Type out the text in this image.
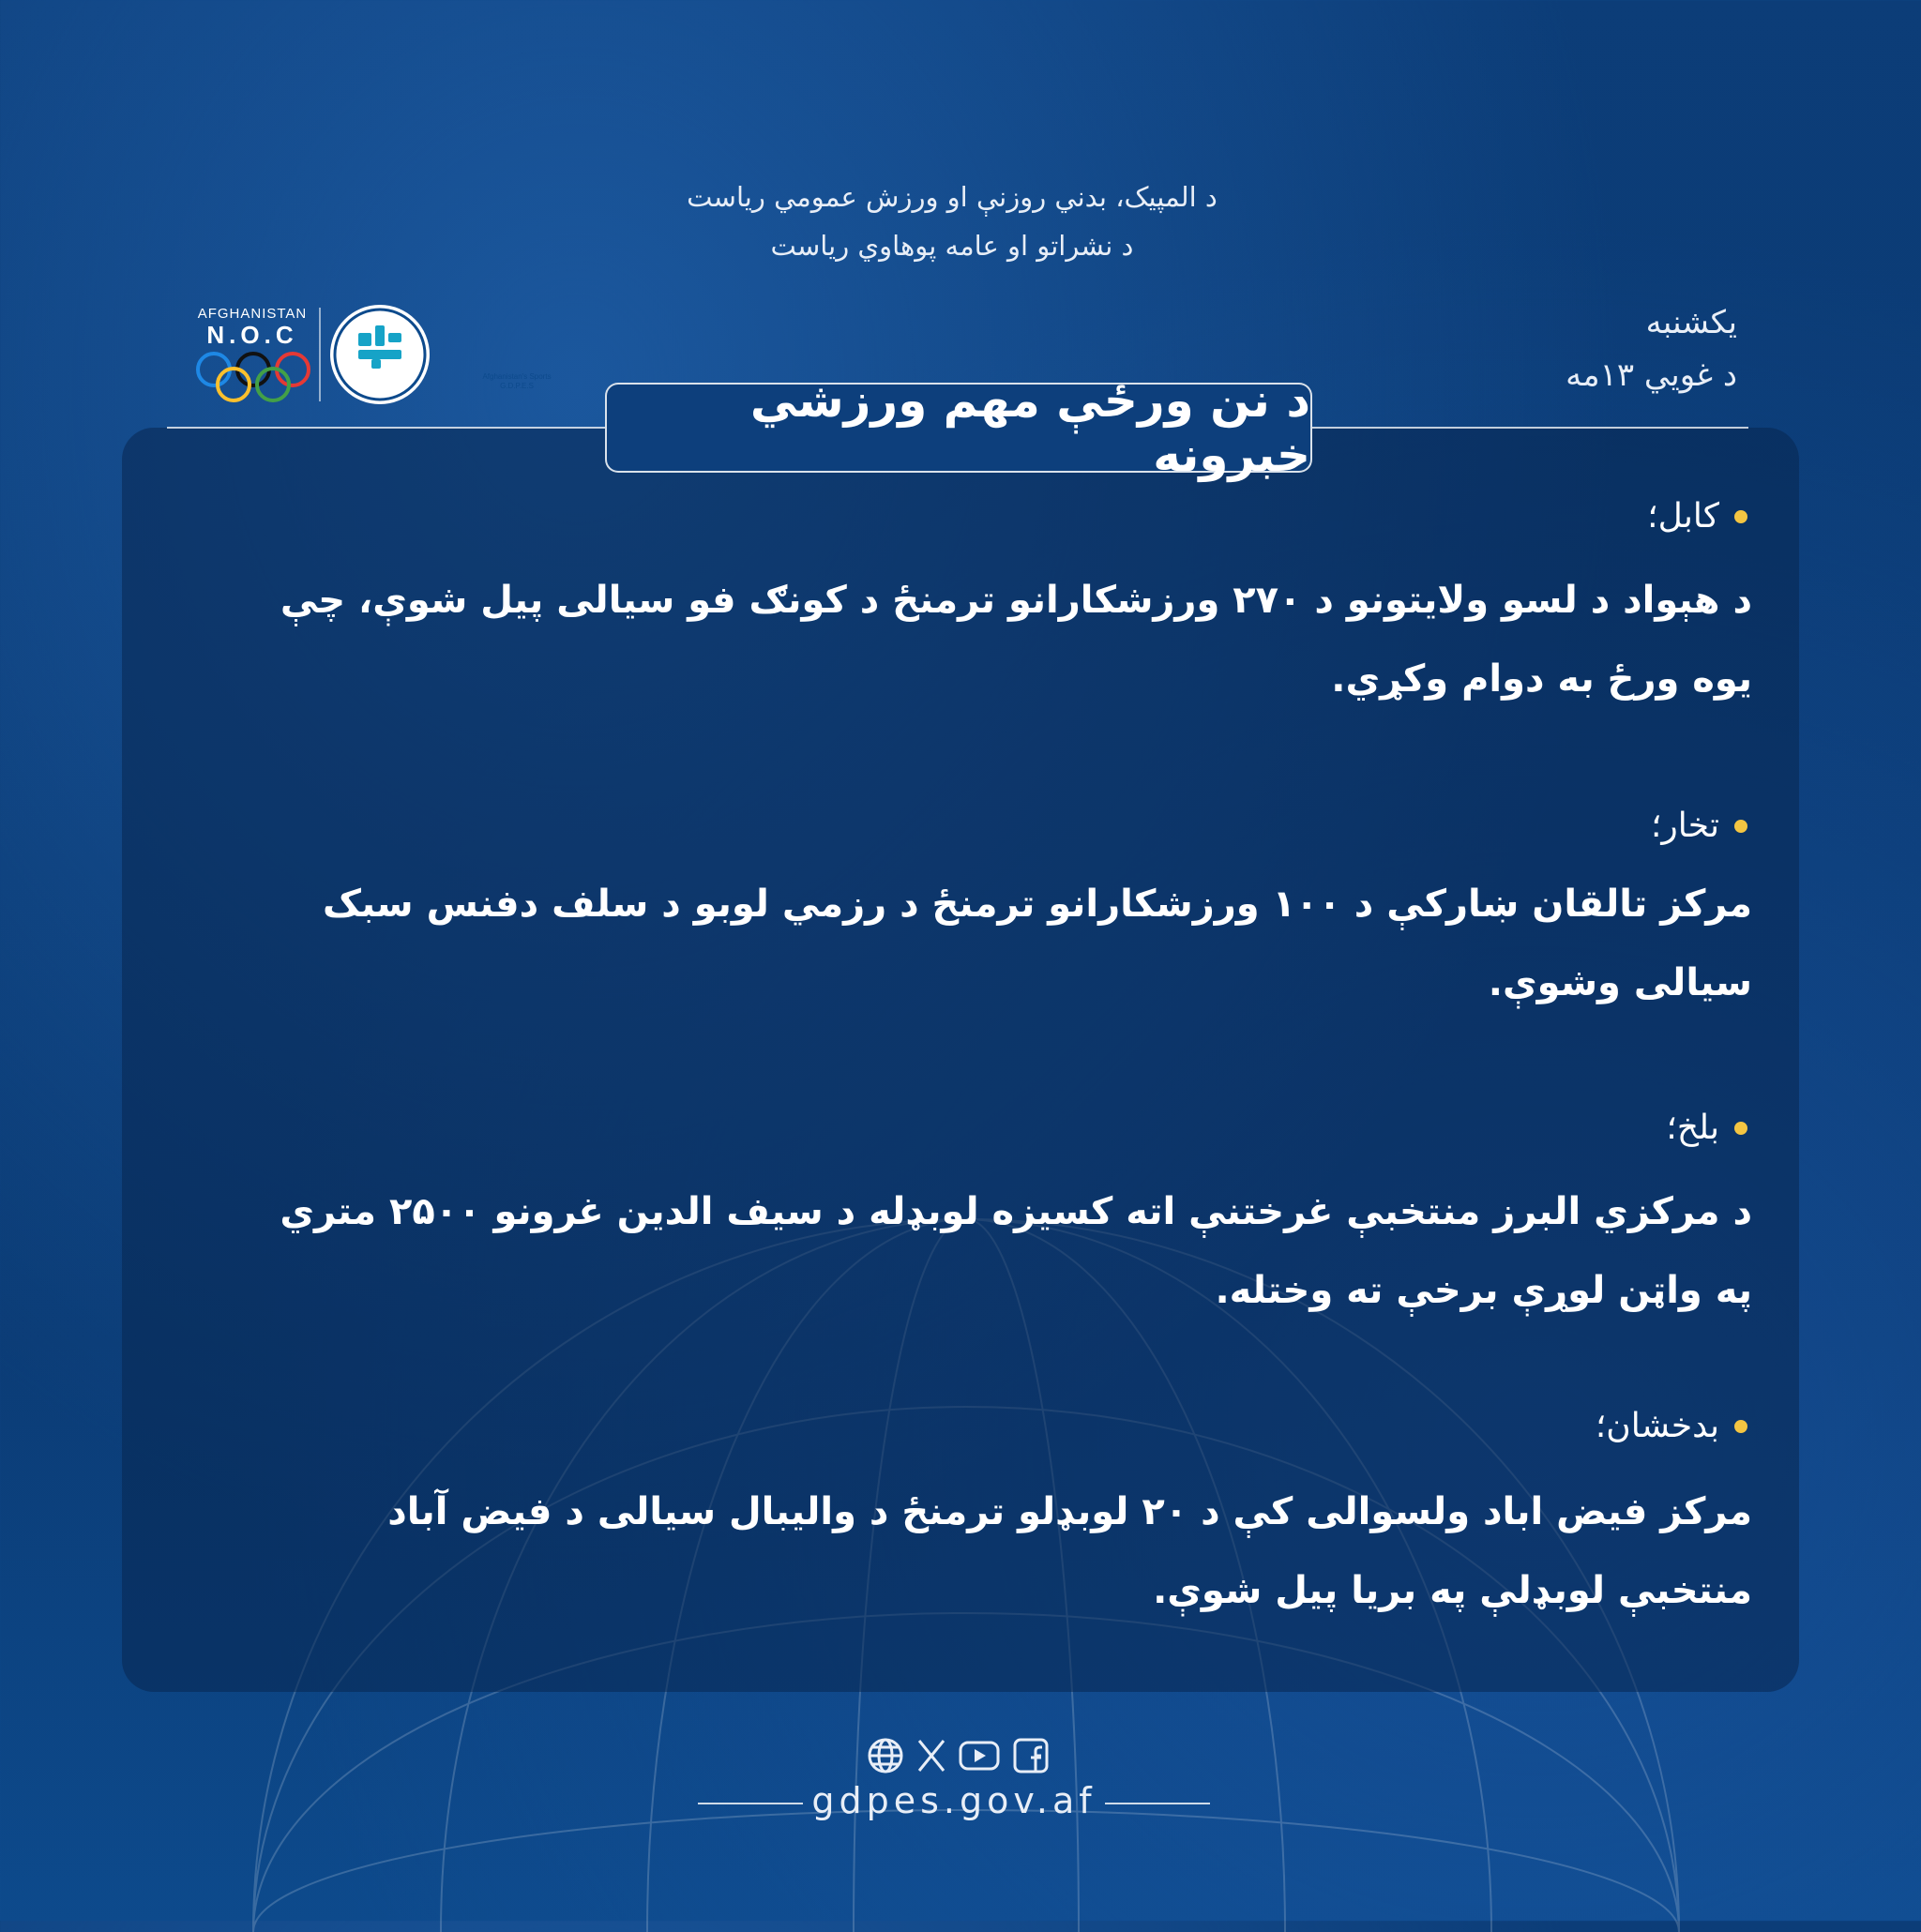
د المپیک، بدني روزنې او ورزش عمومي ریاست
د نشراتو او عامه پوهاوي ریاست
AFGHANISTAN
N.O.C
Afghanistan's Sports
G.D.P.E.S
یکشنبه
د غويي ۱۳مه
د نن ورځې مهم ورزشي خبرونه
کابل؛
د هېواد د لسو ولایتونو د ۲۷۰ ورزشکارانو ترمنځ د کونګ فو سیالی پیل شوې، چې یوه ورځ به دوام وکړي.
تخار؛
مرکز تالقان ښارکې د ۱۰۰ ورزشکارانو ترمنځ د رزمي لوبو د سلف دفنس سبک سیالی وشوې.
بلخ؛
د مرکزي البرز منتخبې غرختنې اته کسیزه لوبډله د سیف الدین غرونو ۲۵۰۰ متري په واټن لوړې برخې ته وختله.
بدخشان؛
مرکز فیض اباد ولسوالی کې د ۲۰ لوبډلو ترمنځ د والیبال سیالی د فیض آباد منتخبې لوبډلې په بریا پیل شوې.
gdpes.gov.af
